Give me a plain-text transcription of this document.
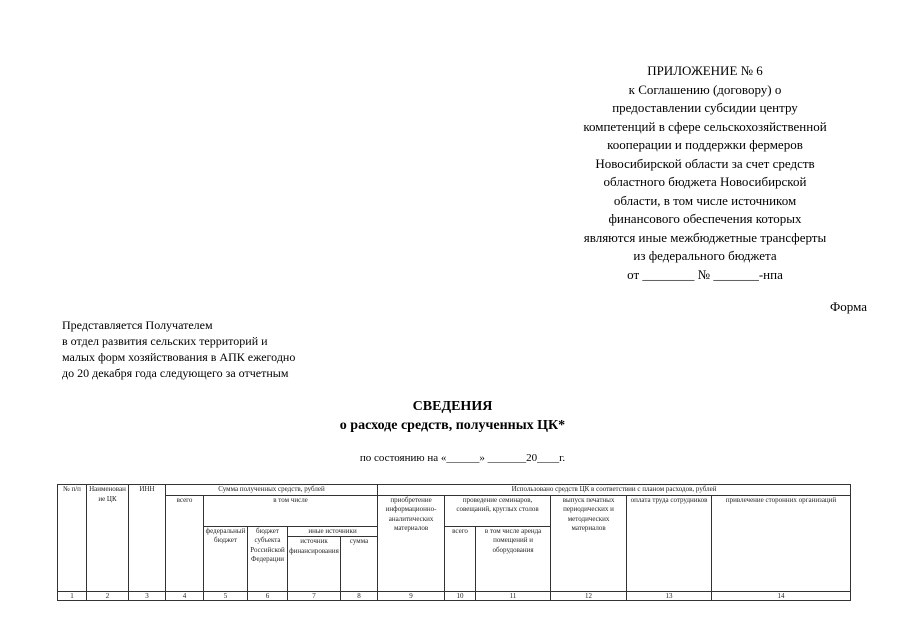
ПРИЛОЖЕНИЕ № 6
к Соглашению (договору) о
предоставлении субсидии центру
компетенций в сфере сельскохозяйственной
кооперации и поддержки фермеров
Новосибирской области за счет средств
областного бюджета Новосибирской
области, в том числе источником
финансового обеспечения которых
являются иные межбюджетные трансферты
из федерального бюджета
от ________ № _______-нпа
Форма
Представляется Получателем
в отдел развития сельских территорий и
малых форм хозяйствования в АПК ежегодно
до 20 декабря года следующего за отчетным
СВЕДЕНИЯ
о расходе средств, полученных ЦК*
по состоянию на «______» _______20____г.
№ п/п	Наименование ЦК	ИНН	Сумма полученных средств, рублей					Использовано средств ЦК в соответствии с планом расходов, рублей					
			всего	в том числе				приобретение информационно-аналитических материалов	проведение семинаров, совещаний, круглых столов		выпуск печатных периодических и методических материалов	оплата труда сотрудников	привлечение сторонних организаций
				федеральный бюджет	бюджет субъекта Российской Федерации	иные источники			всего	в том числе аренда помещений и оборудования			
						источник финансирования	сумма						
1	2	3	4	5	6	7	8	9	10	11	12	13	14
